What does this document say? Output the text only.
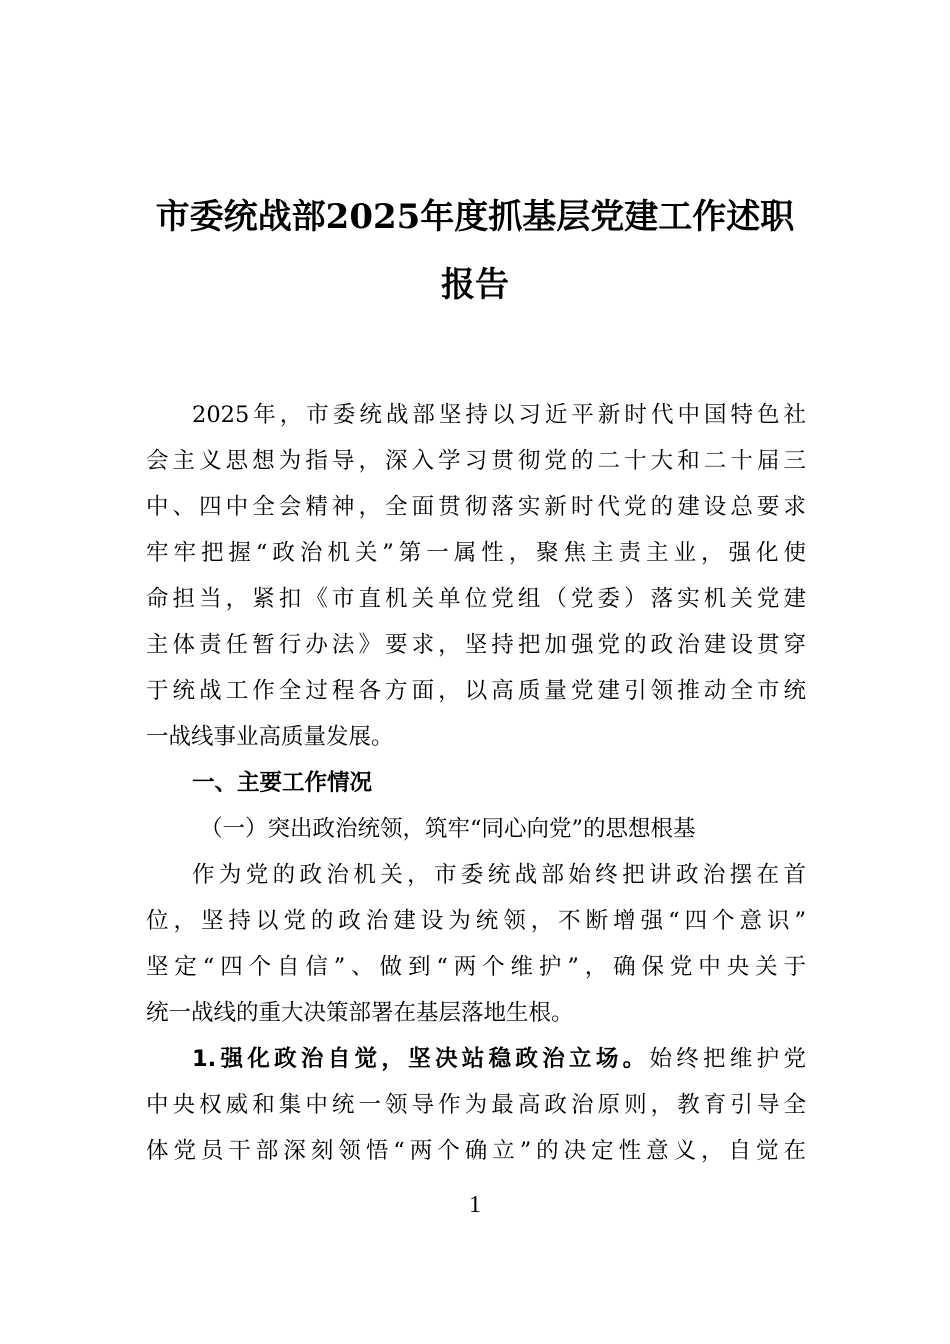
市委统战部2025年度抓基层党建工作述职
报告
2025年，市委统战部坚持以习近平新时代中国特色社
会主义思想为指导，深入学习贯彻党的二十大和二十届三
中、四中全会精神，全面贯彻落实新时代党的建设总要求
牢牢把握“政治机关”第一属性，聚焦主责主业，强化使
命担当，紧扣《市直机关单位党组（党委）落实机关党建
主体责任暂行办法》要求，坚持把加强党的政治建设贯穿
于统战工作全过程各方面，以高质量党建引领推动全市统
一战线事业高质量发展。
一、主要工作情况
（一）突出政治统领，筑牢“同心向党”的思想根基
作为党的政治机关，市委统战部始终把讲政治摆在首
位，坚持以党的政治建设为统领，不断增强“四个意识”
坚定“四个自信”、做到“两个维护”，确保党中央关于
统一战线的重大决策部署在基层落地生根。
1.强化政治自觉，坚决站稳政治立场。始终把维护党
中央权威和集中统一领导作为最高政治原则，教育引导全
体党员干部深刻领悟“两个确立”的决定性意义，自觉在
1
